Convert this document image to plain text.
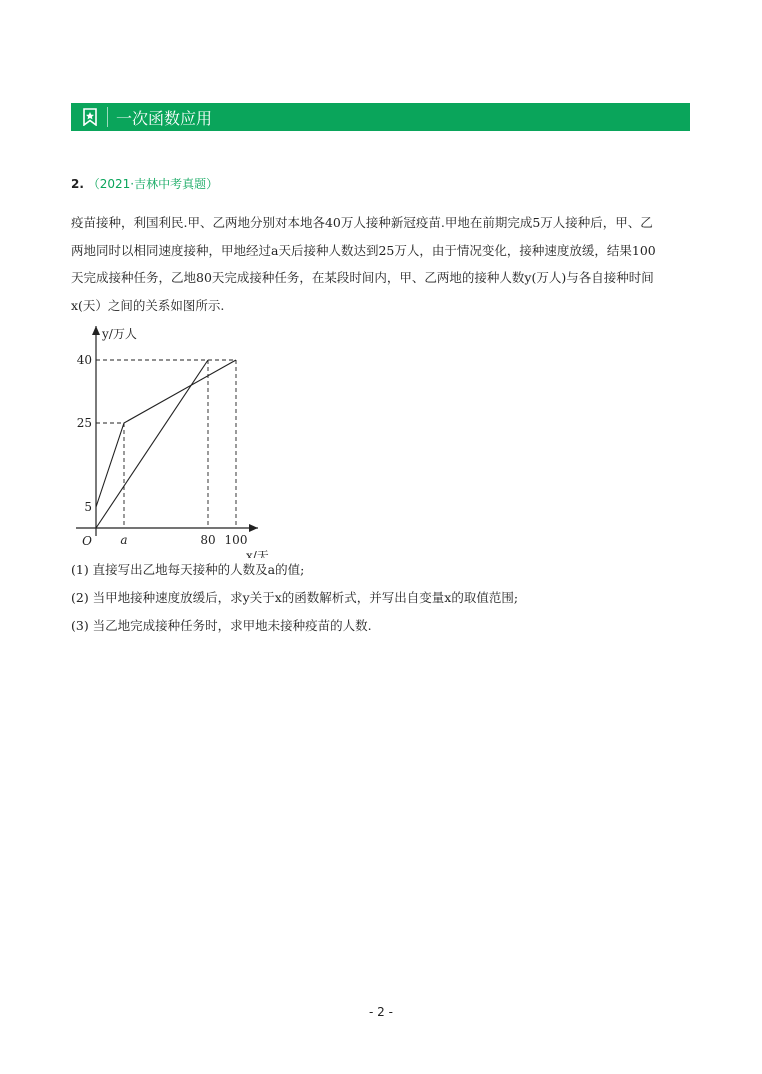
一次函数应用
2. （2021·吉林中考真题）

疫苗接种，利国利民.甲、乙两地分别对本地各40万人接种新冠疫苗.甲地在前期完成5万人接种后，甲、乙

两地同时以相同速度接种，甲地经过a天后接种人数达到25万人，由于情况变化，接种速度放缓，结果100

天完成接种任务，乙地80天完成接种任务，在某段时间内，甲、乙两地的接种人数y(万人)与各自接种时间

x(天）之间的关系如图所示.

O a	80 100
5
25
40
x/天
y/万人

(1) 直接写出乙地每天接种的人数及a的值;

(2) 当甲地接种速度放缓后，求y关于x的函数解析式，并写出自变量x的取值范围;

(3) 当乙地完成接种任务时，求甲地未接种疫苗的人数.

- 2 -
